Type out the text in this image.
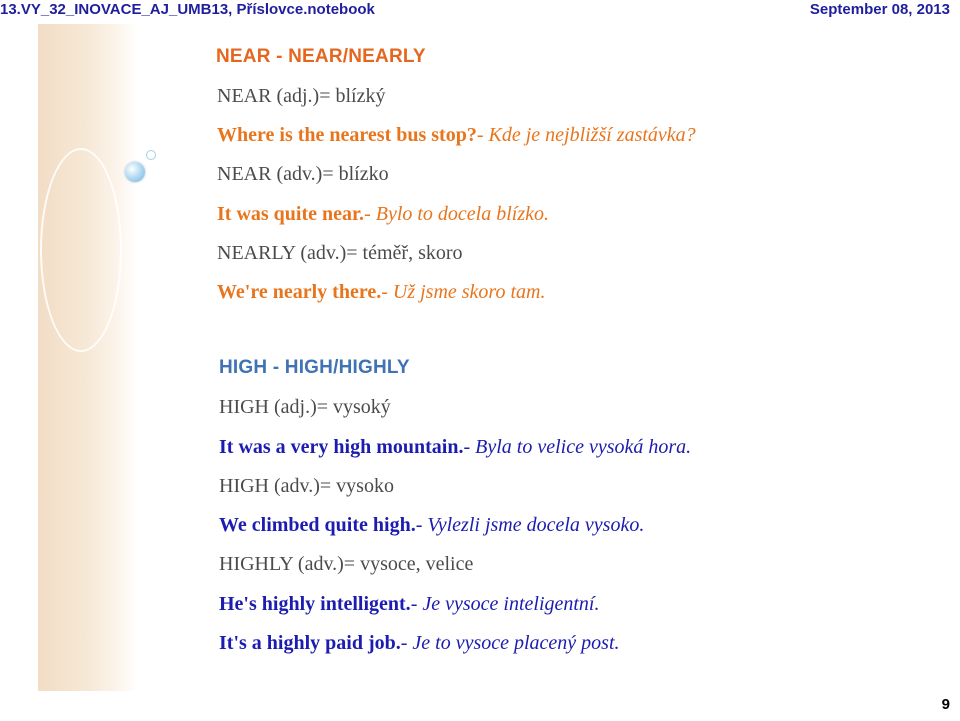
13.VY_32_INOVACE_AJ_UMB13, Příslovce.notebook	September 08, 2013
NEAR - NEAR/NEARLY
NEAR (adj.)= blízký
Where is the nearest bus stop?- Kde je nejbližší zastávka?
NEAR (adv.)= blízko
It was quite near.- Bylo to docela blízko.
NEARLY (adv.)= téměř, skoro
We're nearly there.- Už jsme skoro tam.
HIGH - HIGH/HIGHLY
HIGH (adj.)= vysoký
It was a very high mountain.- Byla to velice vysoká hora.
HIGH (adv.)= vysoko
We climbed quite high.- Vylezli jsme docela vysoko.
HIGHLY (adv.)= vysoce, velice
He's highly intelligent.- Je vysoce inteligentní.
It's a highly paid job.- Je to vysoce placený post.
9
